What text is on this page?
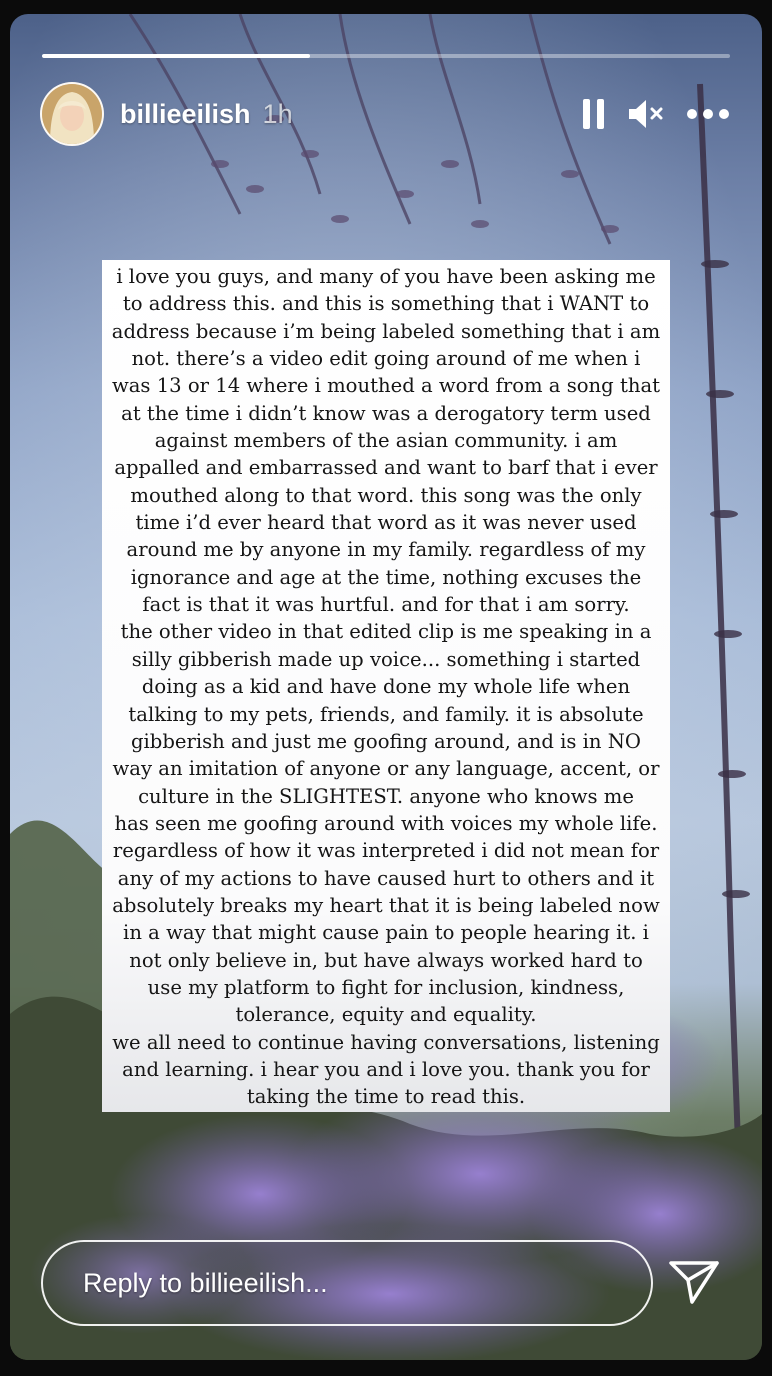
billieeilish 1h
i love you guys, and many of you have been asking me
to address this. and this is something that i WANT to
address because i’m being labeled something that i am
not. there’s a video edit going around of me when i
was 13 or 14 where i mouthed a word from a song that
at the time i didn’t know was a derogatory term used
against members of the asian community. i am
appalled and embarrassed and want to barf that i ever
mouthed along to that word. this song was the only
time i’d ever heard that word as it was never used
around me by anyone in my family. regardless of my
ignorance and age at the time, nothing excuses the
fact is that it was hurtful. and for that i am sorry.
the other video in that edited clip is me speaking in a
silly gibberish made up voice... something i started
doing as a kid and have done my whole life when
talking to my pets, friends, and family. it is absolute
gibberish and just me goofing around, and is in NO
way an imitation of anyone or any language, accent, or
culture in the SLIGHTEST. anyone who knows me
has seen me goofing around with voices my whole life.
regardless of how it was interpreted i did not mean for
any of my actions to have caused hurt to others and it
absolutely breaks my heart that it is being labeled now
in a way that might cause pain to people hearing it. i
not only believe in, but have always worked hard to
use my platform to fight for inclusion, kindness,
tolerance, equity and equality.
we all need to continue having conversations, listening
and learning. i hear you and i love you. thank you for
taking the time to read this.
Reply to billieeilish...
